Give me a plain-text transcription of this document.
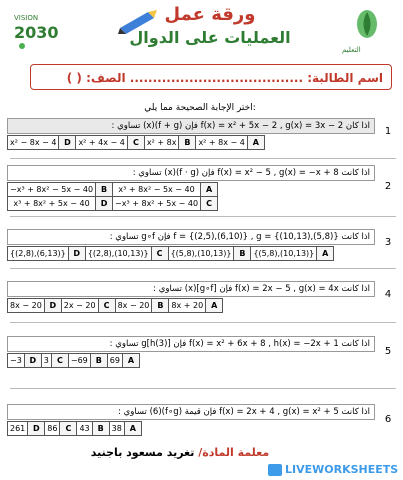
VISION
2030
ورقة عمل
العمليات على الدوال
التعليم
اسم الطالبة: ...................................... الصف: ( )
اختر الإجابة الصحيحة مما يلي:
1
اذا كان f(x) = x² + 5x − 2 , g(x) = 3x − 2 فإن (f + g)(x) تساوي :
x² − 8x − 4	D	x² + 4x − 4	C	x² + 8x	B	x² + 8x − 4	A
2
اذا كانت f(x) = x² − 5 , g(x) = −x + 8 فإن (f · g)(x) تساوي :
−x³ + 8x² − 5x − 40	B	x³ + 8x² − 5x − 40	A
x³ + 8x² + 5x − 40	D	−x³ + 8x² + 5x − 40	C
3
اذا كانت f = {(2,5),(6,10)} , g = {(10,13),(5,8)} فإن g∘f تساوي :
{(2,8),(6,13)}	D	{(2,8),(10,13)}	C	{(5,8),(10,13)}	B	{(5,8),(10,13)}	A
4
اذا كانت f(x) = 2x − 5 , g(x) = 4x فإن [g∘f](x) تساوي :
8x − 20	D	2x − 20	C	8x − 20	B	8x + 20	A
5
اذا كانت f(x) = x² + 6x + 8 , h(x) = −2x + 1 فإن g[h(3)] تساوي :
−3	D	3	C	−69	B	69	A
6
اذا كانت f(x) = 2x + 4 , g(x) = x² + 5 فإن قيمة (f∘g)(6) تساوي :
261	D	86	C	43	B	38	A
معلمة المادة/ تغريد مسعود باجنيد
LIVEWORKSHEETS
